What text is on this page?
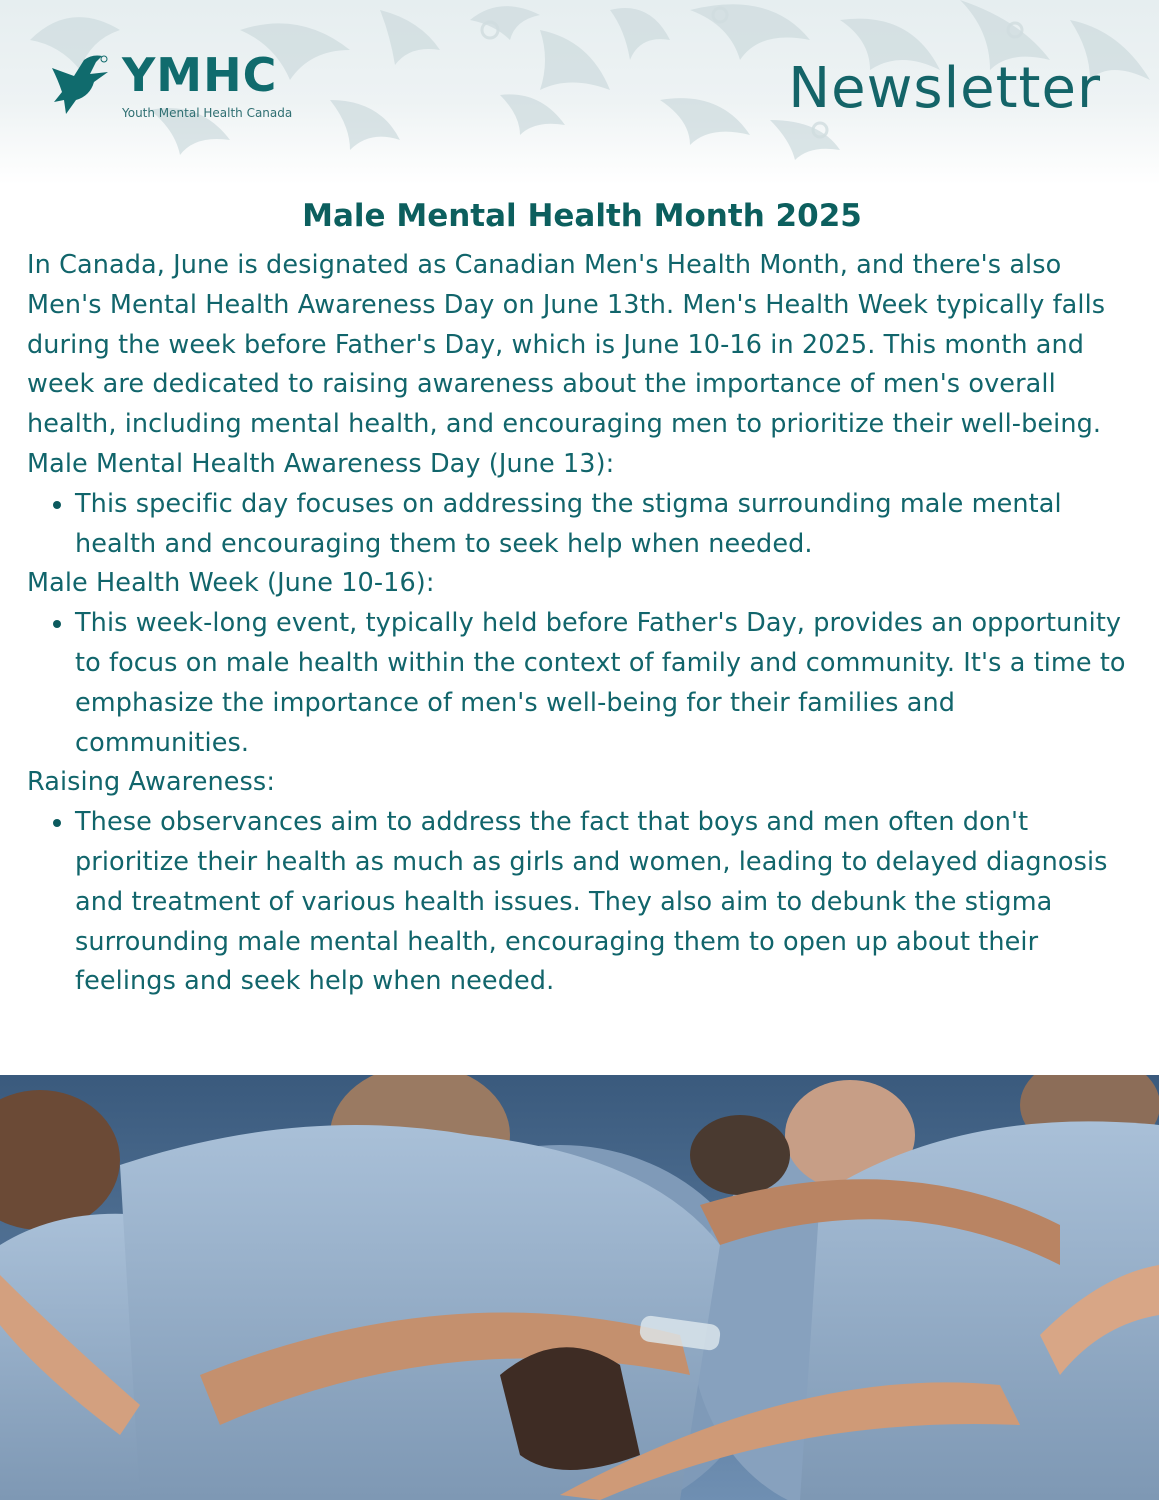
YMHC
Youth Mental Health Canada	Newsletter
Male Mental Health Month 2025

In Canada, June is designated as Canadian Men's Health Month, and there's also Men's Mental Health Awareness Day on June 13th. Men's Health Week typically falls during the week before Father's Day, which is June 10-16 in 2025. This month and week are dedicated to raising awareness about the importance of men's overall health, including mental health, and encouraging men to prioritize their well-being.

Male Mental Health Awareness Day (June 13):

• This specific day focuses on addressing the stigma surrounding male mental health and encouraging them to seek help when needed.

Male Health Week (June 10-16):

• This week-long event, typically held before Father's Day, provides an opportunity to focus on male health within the context of family and community. It's a time to emphasize the importance of men's well-being for their families and communities.

Raising Awareness:

• These observances aim to address the fact that boys and men often don't prioritize their health as much as girls and women, leading to delayed diagnosis and treatment of various health issues. They also aim to debunk the stigma surrounding male mental health, encouraging them to open up about their feelings and seek help when needed.
